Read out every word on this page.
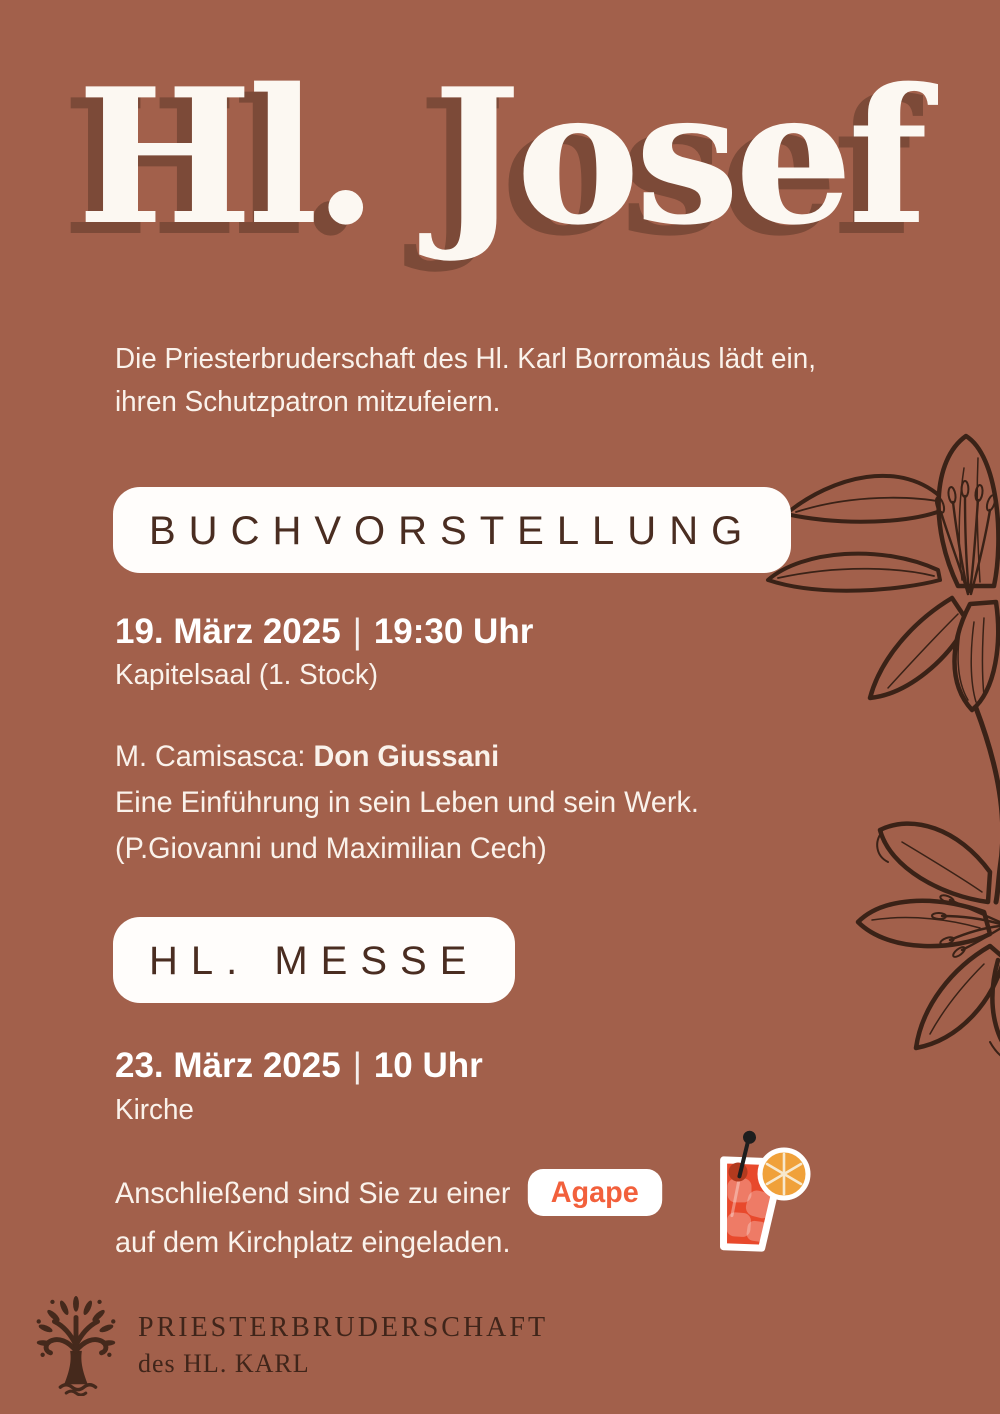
Hl. Josef

Die Priesterbruderschaft des Hl. Karl Borromäus lädt ein,
ihren Schutzpatron mitzufeiern.

BUCHVORSTELLUNG

19. März 2025 | 19:30 Uhr

Kapitelsaal (1. Stock)

M. Camisasca: Don Giussani
Eine Einführung in sein Leben und sein Werk.
(P.Giovanni und Maximilian Cech)

HL. MESSE

23. März 2025 | 10 Uhr

Kirche

Anschließend sind Sie zu einer Agape
auf dem Kirchplatz eingeladen.

PRIESTERBRUDERSCHAFT
des HL. KARL
